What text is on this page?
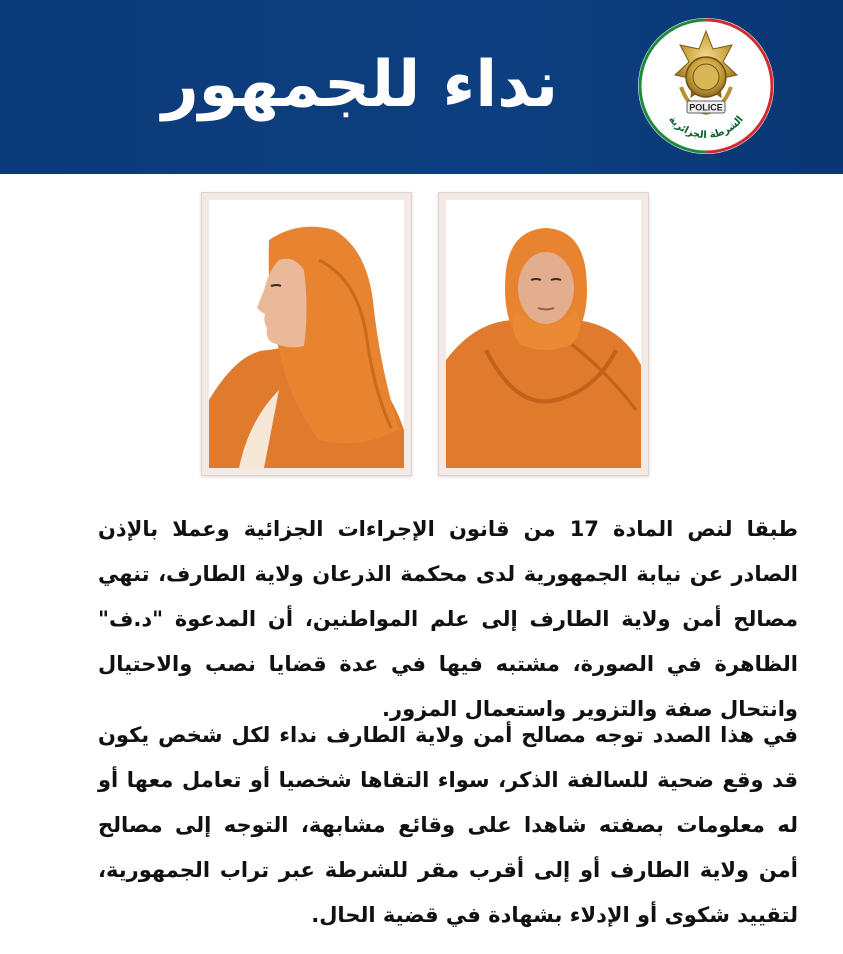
نداء للجمهور	POLICE
الشرطة الجزائرية
طبقا لنص المادة 17 من قانون الإجراءات الجزائية وعملا بالإذن الصادر عن نيابة الجمهورية لدى محكمة الذرعان ولاية الطارف، تنهي مصالح أمن ولاية الطارف إلى علم المواطنين، أن المدعوة "د.ف" الظاهرة في الصورة، مشتبه فيها في عدة قضايا نصب والاحتيال وانتحال صفة والتزوير واستعمال المزور.
في هذا الصدد توجه مصالح أمن ولاية الطارف نداء لكل شخص يكون قد وقع ضحية للسالفة الذكر، سواء التقاها شخصيا أو تعامل معها أو له معلومات بصفته شاهدا على وقائع مشابهة، التوجه إلى مصالح أمن ولاية الطارف أو إلى أقرب مقر للشرطة عبر تراب الجمهورية، لتقييد شكوى أو الإدلاء بشهادة في قضية الحال.
